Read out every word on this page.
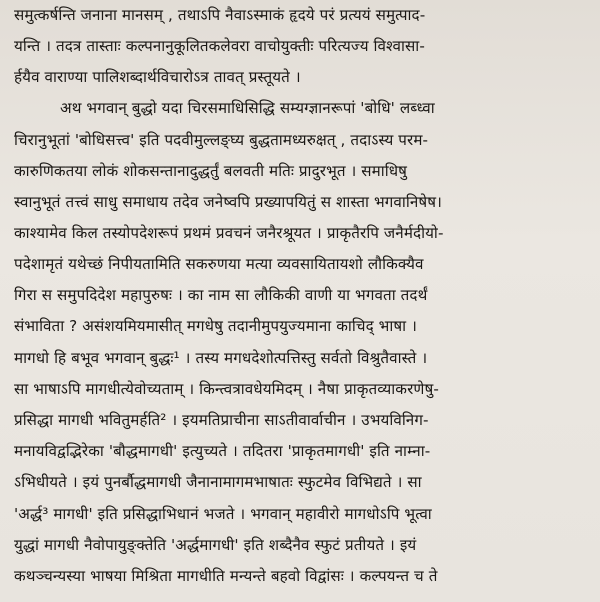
समुत्कर्षन्ति जनाना मानसम् , तथाऽपि नैवाऽस्माकं हृदये परं प्रत्ययं समुत्पाद-
यन्ति । तदत्र तास्ताः कल्पनानुकूलितकलेवरा वाचोयुक्तीः परित्यज्य विश्वासा-
र्हयैव वाराण्या पालिशब्दार्थविचारोऽत्र तावत् प्रस्तूयते ।
अथ भगवान् बुद्धो यदा चिरसमाधिसिद्धि सम्यग्ज्ञानरूपां 'बोधि' लब्ध्वा
चिरानुभूतां 'बोधिसत्त्व' इति पदवीमुल्लङ्घ्य बुद्धतामध्यरुक्षत् , तदाऽस्य परम-
कारुणिकतया लोकं शोकसन्तानादुद्धर्तुं बलवती मतिः प्रादुरभूत । समाधिषु
स्वानुभूतं तत्त्वं साधु समाधाय तदेव जनेष्वपि प्रख्यापयितुं स शास्ता भगवानिषेष।
काश्यामेव किल तस्योपदेशरूपं प्रथमं प्रवचनं जनैरश्रूयत । प्राकृतैरपि जनैर्मदीयो-
पदेशामृतं यथेच्छं निपीयतामिति सकरुणया मत्या व्यवसायितायशो लौकिक्यैव
गिरा स समुपदिदेश महापुरुषः । का नाम सा लौकिकी वाणी या भगवता तदर्थं
संभाविता ? असंशयमियमासीत् मगधेषु तदानीमुपयुज्यमाना काचिद् भाषा ।
मागधो हि बभूव भगवान् बुद्धः¹ । तस्य मगधदेशोत्पत्तिस्तु सर्वतो विश्रुतैवास्ते ।
सा भाषाऽपि मागधीत्येवोच्यताम् । किन्त्वत्रावधेयमिदम् । नैषा प्राकृतव्याकरणेषु-
प्रसिद्धा मागधी भवितुमर्हति² । इयमतिप्राचीना साऽतीवार्वाचीन । उभयविनिग-
मनायविद्वद्भिरेका 'बौद्धमागधी' इत्युच्यते । तदितरा 'प्राकृतमागधी' इति नाम्ना-
ऽभिधीयते । इयं पुनर्बौद्धमागधी जैनानामागमभाषातः स्फुटमेव विभिद्यते । सा
'अर्द्ध³ मागधी' इति प्रसिद्धाभिधानं भजते । भगवान् महावीरो मागधोऽपि भूत्वा
युद्धां मागधी नैवोपायुङ्क्तेति 'अर्द्धमागधी' इति शब्दैनैव स्फुटं प्रतीयते । इयं
कथञ्चन्यस्या भाषया मिश्रिता मागधीति मन्यन्ते बहवो विद्वांसः । कल्पयन्त च ते
